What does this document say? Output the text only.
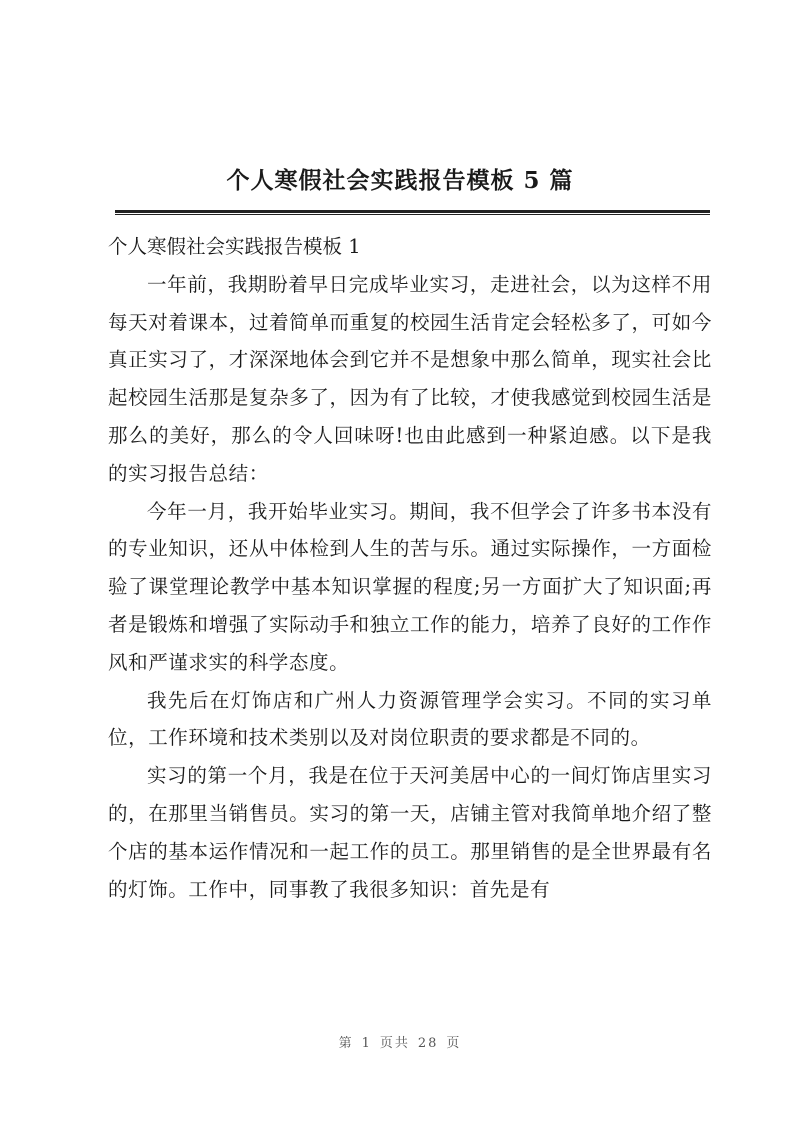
个人寒假社会实践报告模板 5 篇

个人寒假社会实践报告模板 1

一年前，我期盼着早日完成毕业实习，走进社会，以为这样不用每天对着课本，过着简单而重复的校园生活肯定会轻松多了，可如今真正实习了，才深深地体会到它并不是想象中那么简单，现实社会比起校园生活那是复杂多了，因为有了比较，才使我感觉到校园生活是那么的美好，那么的令人回味呀!也由此感到一种紧迫感。以下是我的实习报告总结：

今年一月，我开始毕业实习。期间，我不但学会了许多书本没有的专业知识，还从中体检到人生的苦与乐。通过实际操作，一方面检验了课堂理论教学中基本知识掌握的程度;另一方面扩大了知识面;再者是锻炼和增强了实际动手和独立工作的能力，培养了良好的工作作风和严谨求实的科学态度。

我先后在灯饰店和广州人力资源管理学会实习。不同的实习单位，工作环境和技术类别以及对岗位职责的要求都是不同的。

实习的第一个月，我是在位于天河美居中心的一间灯饰店里实习的，在那里当销售员。实习的第一天，店铺主管对我简单地介绍了整个店的基本运作情况和一起工作的员工。那里销售的是全世界最有名的灯饰。工作中，同事教了我很多知识：首先是有

第 1 页共 28 页
